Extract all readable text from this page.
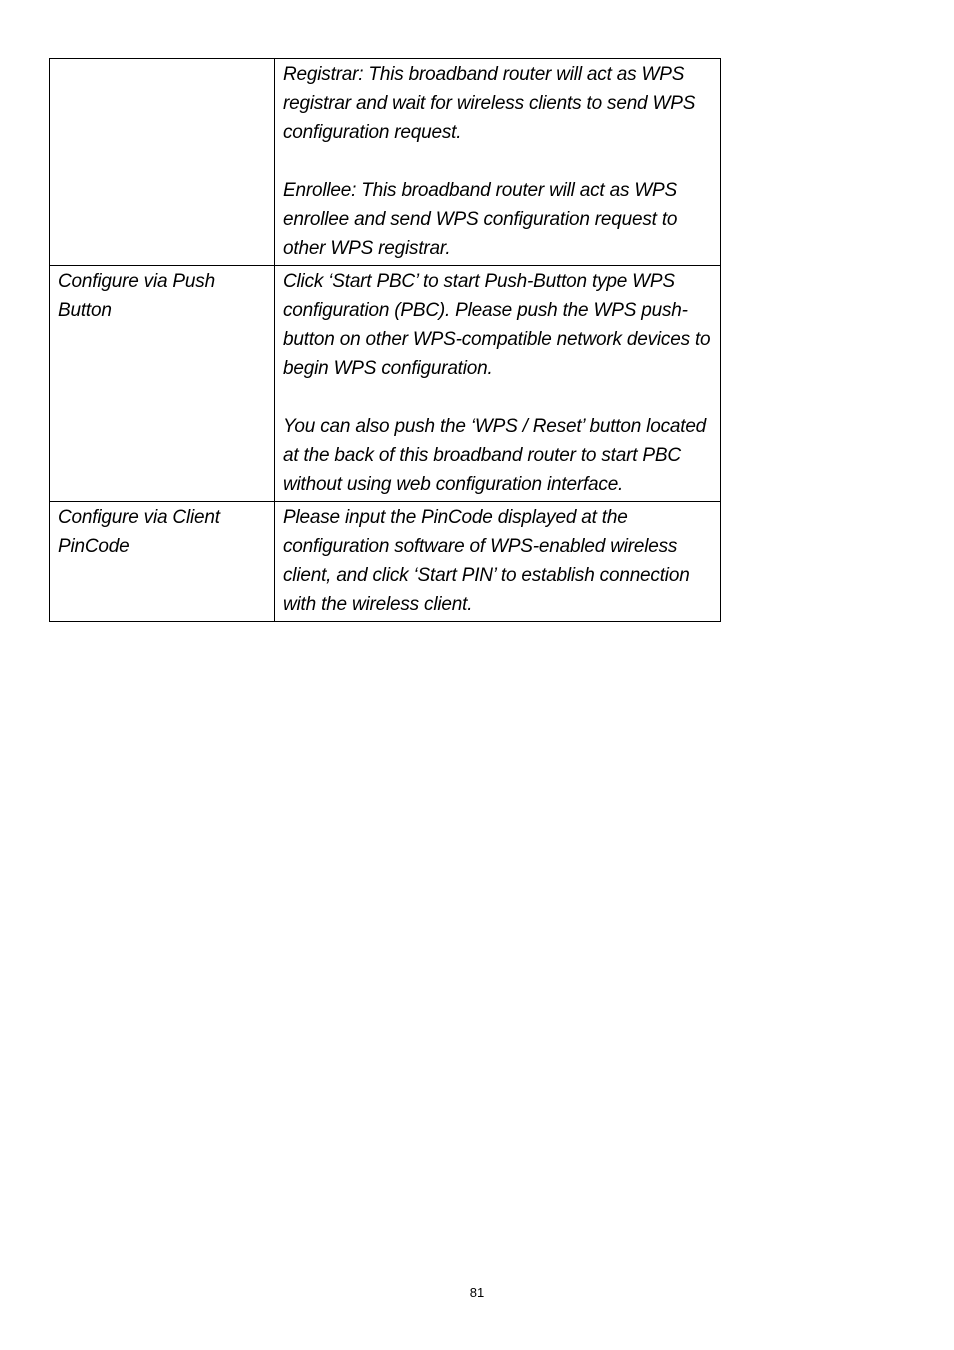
	Registrar: This broadband router will act as WPS registrar and wait for wireless clients to send WPS configuration request.

Enrollee: This broadband router will act as WPS enrollee and send WPS configuration request to other WPS registrar.

Configure via Push Button	Click ‘Start PBC’ to start Push-Button type WPS configuration (PBC). Please push the WPS push-button on other WPS-compatible network devices to begin WPS configuration.

You can also push the ‘WPS / Reset’ button located at the back of this broadband router to start PBC without using web configuration interface.

Configure via Client PinCode	Please input the PinCode displayed at the configuration software of WPS-enabled wireless client, and click ‘Start PIN’ to establish connection with the wireless client.

81
